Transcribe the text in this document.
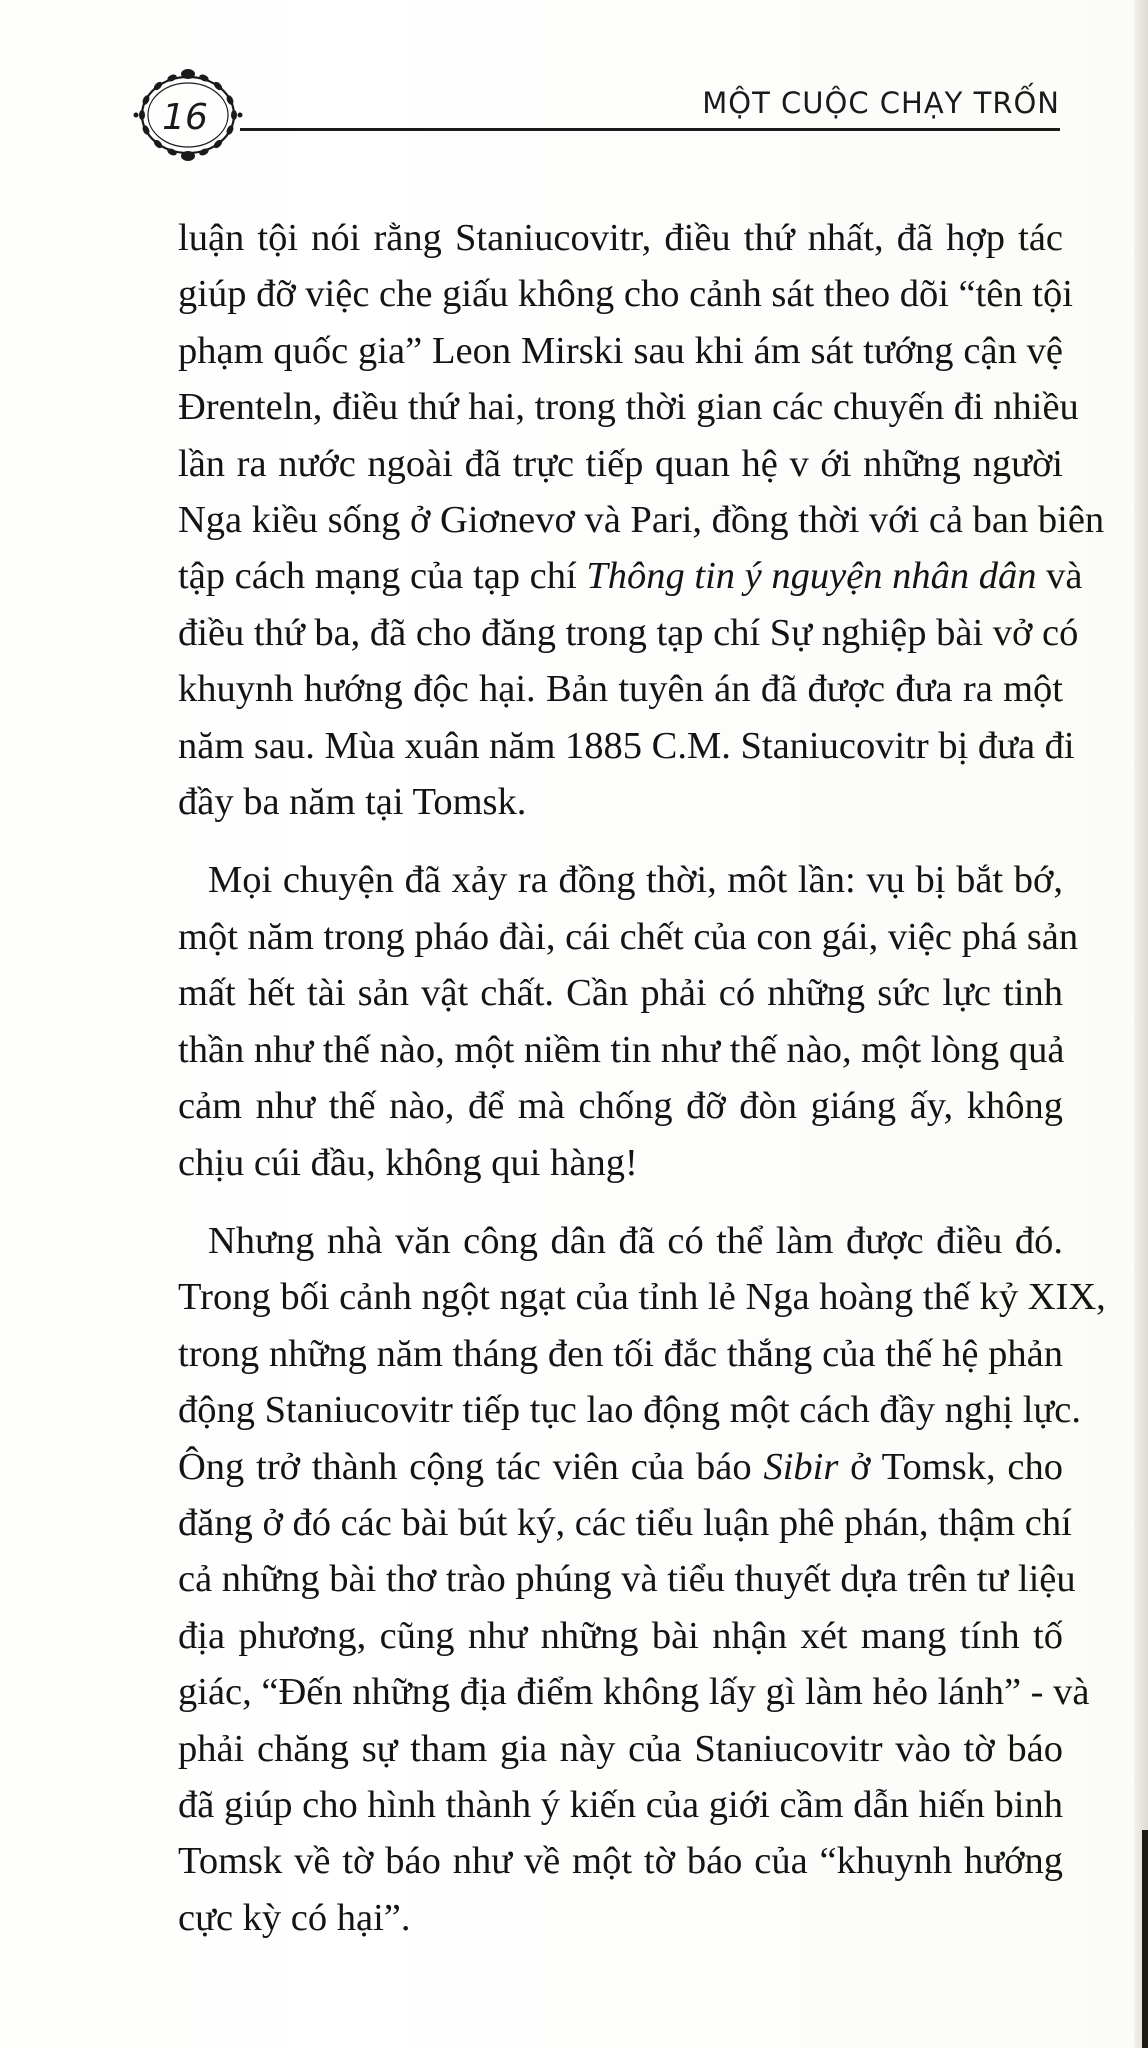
16	MỘT CUỘC CHẠY TRỐN
luận tội nói rằng Staniucovitr, điều thứ nhất, đã hợp tác
giúp đỡ việc che giấu không cho cảnh sát theo dõi “tên tội
phạm quốc gia” Leon Mirski sau khi ám sát tướng cận vệ
Đrenteln, điều thứ hai, trong thời gian các chuyến đi nhiều
lần ra nước ngoài đã trực tiếp quan hệ v ới những người
Nga kiều sống ở Giơnevơ và Pari, đồng thời với cả ban biên
tập cách mạng của tạp chí Thông tin ý nguyện nhân dân và
điều thứ ba, đã cho đăng trong tạp chí Sự nghiệp bài vở có
khuynh hướng độc hại. Bản tuyên án đã được đưa ra một
năm sau. Mùa xuân năm 1885 C.M. Staniucovitr bị đưa đi
đầy ba năm tại Tomsk.
Mọi chuyện đã xảy ra đồng thời, môt lần: vụ bị bắt bớ,
một năm trong pháo đài, cái chết của con gái, việc phá sản
mất hết tài sản vật chất. Cần phải có những sức lực tinh
thần như thế nào, một niềm tin như thế nào, một lòng quả
cảm như thế nào, để mà chống đỡ đòn giáng ấy, không
chịu cúi đầu, không qui hàng!
Nhưng nhà văn công dân đã có thể làm được điều đó.
Trong bối cảnh ngột ngạt của tỉnh lẻ Nga hoàng thế kỷ XIX,
trong những năm tháng đen tối đắc thắng của thế hệ phản
động Staniucovitr tiếp tục lao động một cách đầy nghị lực.
Ông trở thành cộng tác viên của báo Sibir ở Tomsk, cho
đăng ở đó các bài bút ký, các tiểu luận phê phán, thậm chí
cả những bài thơ trào phúng và tiểu thuyết dựa trên tư liệu
địa phương, cũng như những bài nhận xét mang tính tố
giác, “Đến những địa điểm không lấy gì làm hẻo lánh” - và
phải chăng sự tham gia này của Staniucovitr vào tờ báo
đã giúp cho hình thành ý kiến của giới cầm dẫn hiến binh
Tomsk về tờ báo như về một tờ báo của “khuynh hướng
cực kỳ có hại”.
